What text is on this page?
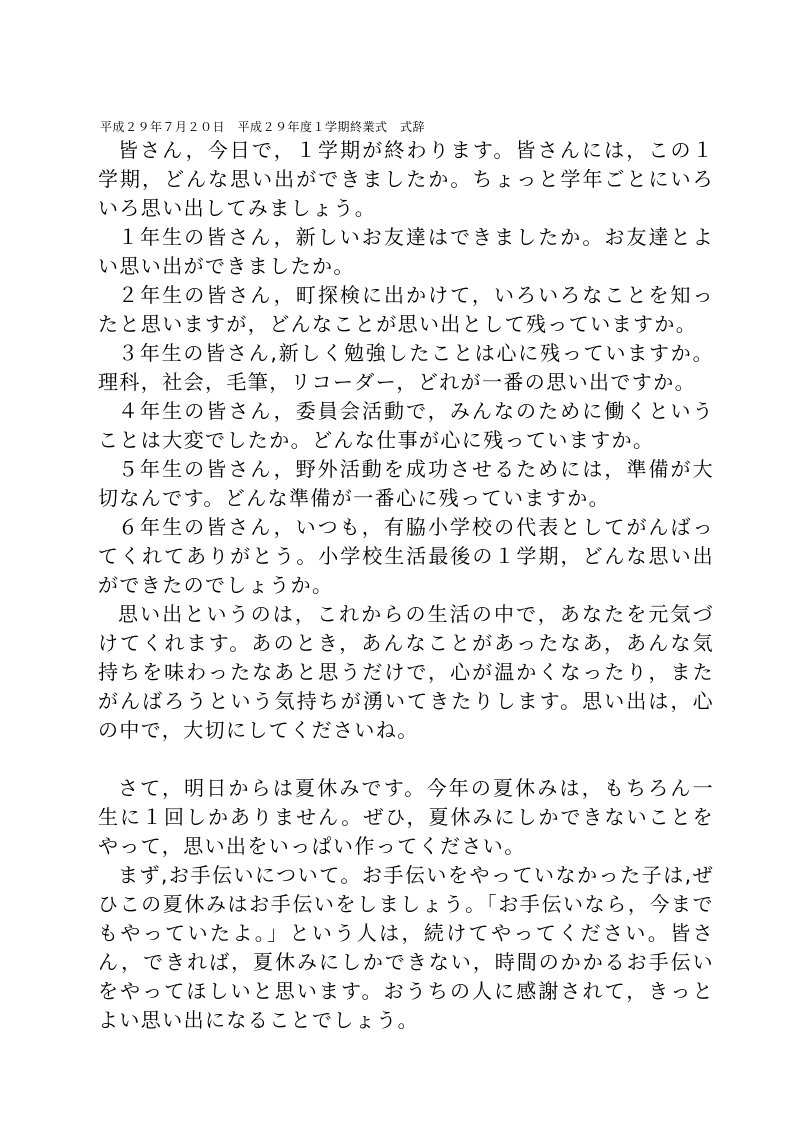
平成２９年７月２０日　平成２９年度１学期終業式　式辞

皆さん，今日で，１学期が終わります。皆さんには，この１学期，どんな思い出ができましたか。ちょっと学年ごとにいろいろ思い出してみましょう。

１年生の皆さん，新しいお友達はできましたか。お友達とよい思い出ができましたか。

２年生の皆さん，町探検に出かけて，いろいろなことを知ったと思いますが，どんなことが思い出として残っていますか。

３年生の皆さん,新しく勉強したことは心に残っていますか。理科，社会，毛筆，リコーダー，どれが一番の思い出ですか。

４年生の皆さん，委員会活動で，みんなのために働くということは大変でしたか。どんな仕事が心に残っていますか。

５年生の皆さん，野外活動を成功させるためには，準備が大切なんです。どんな準備が一番心に残っていますか。

６年生の皆さん，いつも，有脇小学校の代表としてがんばってくれてありがとう。小学校生活最後の１学期，どんな思い出ができたのでしょうか。

思い出というのは，これからの生活の中で，あなたを元気づけてくれます。あのとき，あんなことがあったなあ，あんな気持ちを味わったなあと思うだけで，心が温かくなったり，またがんばろうという気持ちが湧いてきたりします。思い出は，心の中で，大切にしてくださいね。

さて，明日からは夏休みです。今年の夏休みは，もちろん一生に１回しかありません。ぜひ，夏休みにしかできないことをやって，思い出をいっぱい作ってください。

まず,お手伝いについて。お手伝いをやっていなかった子は,ぜひこの夏休みはお手伝いをしましょう。「お手伝いなら，今までもやっていたよ。」という人は，続けてやってください。皆さん，できれば，夏休みにしかできない，時間のかかるお手伝いをやってほしいと思います。おうちの人に感謝されて，きっとよい思い出になることでしょう。
